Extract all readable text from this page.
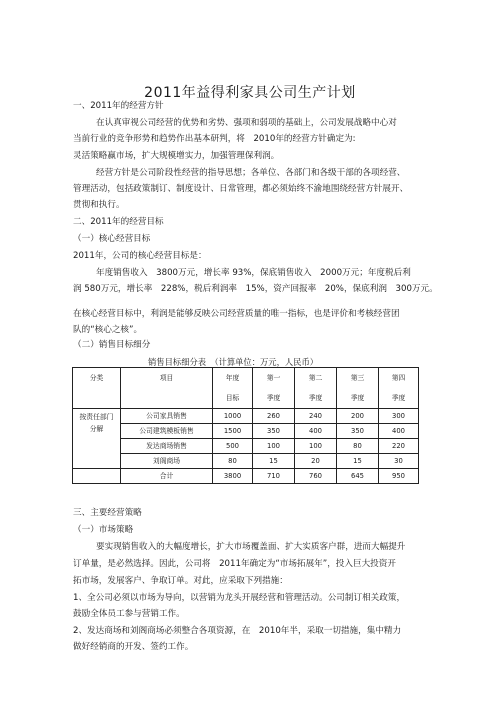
2011年益得利家具公司生产计划
一、2011年的经营方针
在认真审视公司经营的优势和劣势、强项和弱项的基础上，公司发展战略中心对
当前行业的竞争形势和趋势作出基本研判，将　2010年的经营方针确定为:
灵活策略赢市场，扩大规模增实力，加强管理保利润。
经营方针是公司阶段性经营的指导思想；各单位、各部门和各级干部的各项经营、
管理活动，包括政策制订、制度设计、日常管理，都必须始终不渝地围绕经营方针展开、
贯彻和执行。
二、2011年的经营目标
（一）核心经营目标
2011年，公司的核心经营目标是：
年度销售收入　3800万元，增长率 93%，保底销售收入　2000万元；年度税后利
润 580万元，增长率　228%，税后利润率　15%，资产回报率　20%，保底利润　300万元。
在核心经营目标中，利润是能够反映公司经营质量的唯一指标，也是评价和考核经营团
队的“核心之核”。
（二）销售目标细分
销售目标细分表　（计算单位：万元，人民币）
分类	项目	年度	第一	第二	第三	第四
		目标	季度	季度	季度	季度

按责任部门
分解	公司家具销售	1000	260	240	200	300
	公司建筑模板销售	1500	350	400	350	400
	发达商场销售	500	100	100	80	220
	刘阁商场	80	15	20	15	30
	合计	3800	710	760	645	950
三、主要经营策略
（一）市场策略
要实现销售收入的大幅度增长，扩大市场覆盖面、扩大实质客户群，进而大幅提升
订单量，是必然选择。因此，公司将　2011年确定为“市场拓展年”，投入巨大投资开
拓市场，发展客户、争取订单。对此，应采取下列措施：
1、全公司必须以市场为导向，以营销为龙头开展经营和管理活动。公司制订相关政策，
鼓励全体员工参与营销工作。
2、发达商场和刘阁商场必须整合各项资源，在　2010年半，采取一切措施，集中精力
做好经销商的开发、签约工作。
